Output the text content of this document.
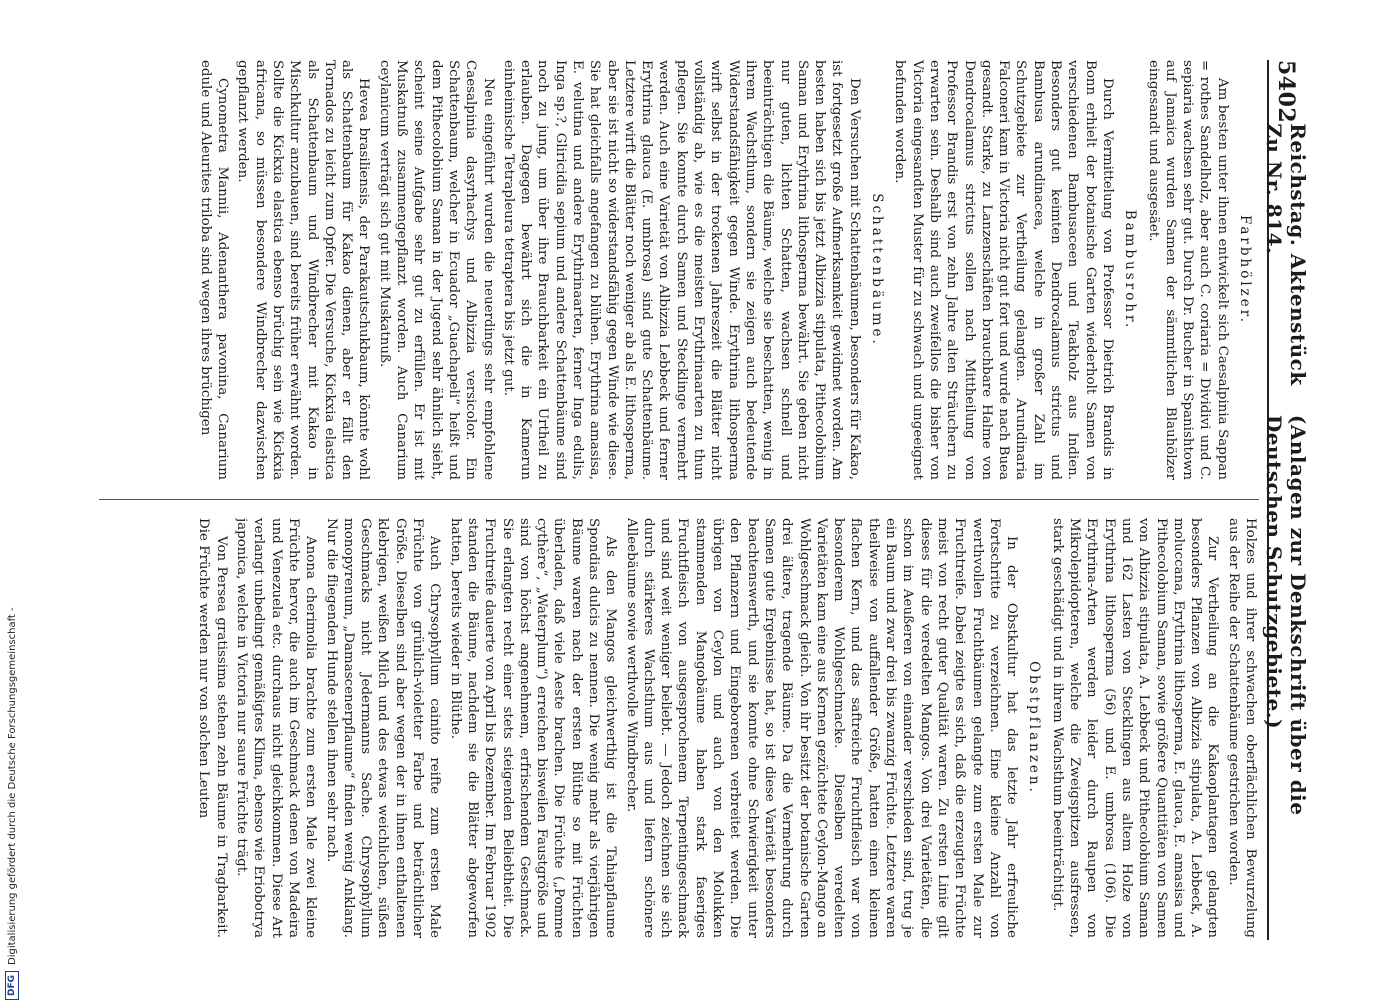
5402
Reichstag. Aktenstück Zu Nr. 814.
(Anlagen zur Denkschrift über die Deutschen Schutzgebiete.)
Farbhölzer.
Am besten unter ihnen entwickelt sich Caesalpinia Sappan = rothes Sandelholz, aber auch C. coriaria = Dividivi und C. sepiaria wachsen sehr gut. Durch Dr. Bucher in Spanishtown auf Jamaica wurden Samen der sämmtlichen Blauhölzer eingesandt und ausgesäet.
Bambusrohr.
Durch Vermittelung von Professor Dietrich Brandis in Bonn erhielt der botanische Garten wiederholt Samen von verschiedenen Bambusaceen und Teakholz aus Indien. Besonders gut keimten Dendrocalamus strictus und Bambusa arundinacea, welche in großer Zahl im Schutzgebiete zur Vertheilung gelangten. Arundinaria Falconeri kam in Victoria nicht gut fort und wurde nach Buea gesandt. Starke, zu Lanzenschäften brauchbare Halme von Dendrocalamus strictus sollen nach Mittheilung von Professor Brandis erst von zehn Jahre alten Sträuchern zu erwarten sein. Deshalb sind auch zweifellos die bisher von Victoria eingesandten Muster für zu schwach und ungeeignet befunden worden.
Schattenbäume.
Den Versuchen mit Schattenbäumen, besonders für Kakao, ist fortgesetzt große Aufmerksamkeit gewidmet worden. Am besten haben sich bis jetzt Albizzia stipulata, Pithecolobium Saman und Erythrina lithosperma bewährt. Sie geben nicht nur guten, lichten Schatten, wachsen schnell und beeinträchtigen die Bäume, welche sie beschatten, wenig in ihrem Wachsthum, sondern sie zeigen auch bedeutende Widerstandsfähigkeit gegen Winde. Erythrina lithosperma wirft selbst in der trockenen Jahreszeit die Blätter nicht vollständig ab, wie es die meisten Erythrinaarten zu thun pflegen. Sie konnte durch Samen und Stecklinge vermehrt werden. Auch eine Varietät von Albizzia Lebbeck und ferner Erythrina glauca (E. umbrosa) sind gute Schattenbäume. Letztere wirft die Blätter noch weniger ab als E. lithosperma, aber sie ist nicht so widerstandsfähig gegen Winde wie diese. Sie hat gleichfalls angefangen zu blühen. Erythrina amasisa, E. velutina und andere Erythrinaarten, ferner Inga edulis, Inga sp.?, Gliricidia sepium und andere Schattenbäume sind noch zu jung, um über ihre Brauchbarkeit ein Urtheil zu erlauben. Dagegen bewährt sich die in Kamerun einheimische Tetrapleura tetraptera bis jetzt gut.
Neu eingeführt wurden die neuerdings sehr empfohlene Caesalpinia dasyrhachys und Albizzia versicolor. Ein Schattenbaum, welcher in Ecuador „Guachapeli“ heißt und dem Pithecolobium Saman in der Jugend sehr ähnlich sieht, scheint seine Aufgabe sehr gut zu erfüllen. Er ist mit Muskatnuß zusammengepflanzt worden. Auch Canarium ceylanicum verträgt sich gut mit Muskatnuß.
Hevea brasiliensis, der Parakautschukbaum, könnte wohl als Schattenbaum für Kakao dienen, aber er fällt den Tornados zu leicht zum Opfer. Die Versuche, Kickxia elastica als Schattenbaum und Windbrecher mit Kakao in Mischkultur anzubauen, sind bereits früher erwähnt worden. Sollte die Kickxia elastica ebenso brüchig sein wie Kickxia africana, so müssen besondere Windbrecher dazwischen gepflanzt werden.
Cynometra Mannii, Adenanthera pavonina, Canarium edule und Aleurites triloba sind wegen ihres brüchigen
Holzes und ihrer schwachen oberflächlichen Bewurzelung aus der Reihe der Schattenbäume gestrichen worden.
Zur Vertheilung an die Kakaoplantagen gelangten besonders Pflanzen von Albizzia stipulata, A. Lebbeck, A. moluccana, Erythrina lithosperma, E. glauca, E. amasisa und Pithecolobium Saman, sowie größere Quantitäten von Samen von Albizzia stipulata, A. Lebbeck und Pithecolobium Saman und 162 Lasten von Stecklingen aus altem Holze von Erythrina lithosperma (56) und E. umbrosa (106). Die Erythrina-Arten werden leider durch Raupen von Mikrolepidopteren, welche die Zweigspitzen ausfressen, stark geschädigt und in ihrem Wachsthum beeinträchtigt.
Obstpflanzen.
In der Obstkultur hat das letzte Jahr erfreuliche Fortschritte zu verzeichnen. Eine kleine Anzahl von werthvollen Fruchtbäumen gelangte zum ersten Male zur Fruchtreife. Dabei zeigte es sich, daß die erzeugten Früchte meist von recht guter Qualität waren. Zu ersten Linie gilt dieses für die veredelten Mangos. Von drei Varietäten, die schon im Aeußeren von einander verschieden sind, trug je ein Baum und zwar drei bis zwanzig Früchte. Letztere waren theilweise von auffallender Größe, hatten einen kleinen flachen Kern, und das saftreiche Fruchtfleisch war von besonderem Wohlgeschmacke. Dieselben veredelten Varietäten kam eine aus Kernen gezüchtete Ceylon-Mango an Wohlgeschmack gleich. Von ihr besitzt der botanische Garten drei ältere, tragende Bäume. Da die Vermehrung durch Samen gute Ergebnisse hat, so ist diese Varietät besonders beachtenswerth, und sie konnte ohne Schwierigkeit unter den Pflanzern und Eingeborenen verbreitet werden. Die übrigen von Ceylon und auch von den Molukken stammenden Mangobäume haben stark faseriges Fruchtfleisch von ausgesprochenem Terpentingeschmack und sind weit weniger beliebt. — Jedoch zeichnen sie sich durch stärkeres Wachsthum aus und liefern schönere Alleebäume sowie werthvolle Windbrecher.
Als den Mangos gleichwerthig ist die Tahiapflaume Spondias dulcis zu nennen. Die wenig mehr als vierjährigen Bäume waren nach der ersten Blüthe so mit Früchten überladen, daß viele Aeste brachen. Die Früchte („Pomme cythère“, „Waterplum“) erreichen bisweilen Faustgröße und sind von höchst angenehmem, erfrischendem Geschmack. Sie erlangten recht einer stets steigenden Beliebtheit. Die Fruchtreife dauerte von April bis Dezember. Im Februar 1902 standen die Bäume, nachdem sie die Blätter abgeworfen hatten, bereits wieder in Blüthe.
Auch Chrysophyllum cainito reifte zum ersten Male Früchte von grünlich-violetter Farbe und beträchtlicher Größe. Dieselben sind aber wegen der in ihnen enthaltenen klebrigen, weißen Milch und des etwas weichlichen, süßen Geschmacks nicht Jedermanns Sache. Chrysophyllum monopyrenum, „Damascenerpflaume“ finden wenig Anklang. Nur die fliegenden Hunde stellen ihnen sehr nach.
Anona cherimolia brachte zum ersten Male zwei kleine Früchte hervor, die auch im Geschmack denen von Madeira und Venezuela etc. durchaus nicht gleichkommen. Diese Art verlangt unbedingt gemäßigtes Klima, ebenso wie Eriobotrya japonica, welche in Victoria nur saure Früchte trägt.
Von Persea gratissima stehen zehn Bäume in Tragbarkeit. Die Früchte werden nur von solchen Leuten
DFG
Digitalisierung gefördert durch die Deutsche Forschungsgemeinschaft -
